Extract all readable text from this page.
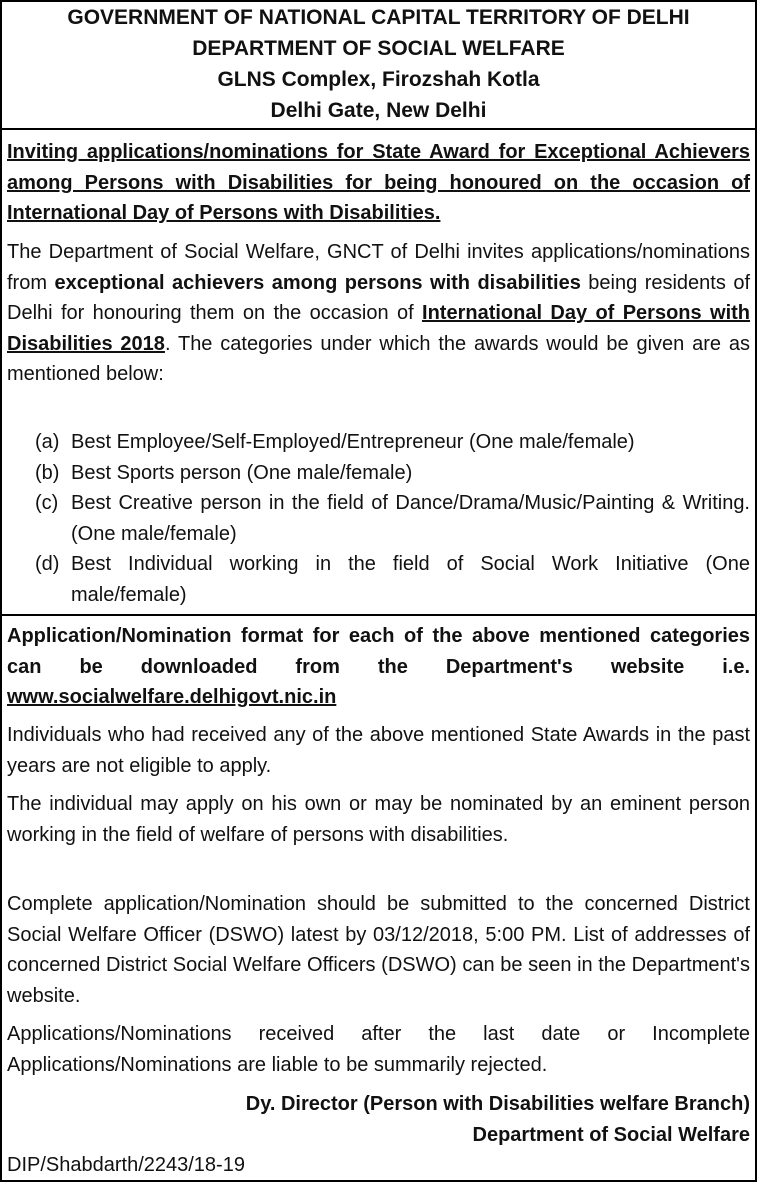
GOVERNMENT OF NATIONAL CAPITAL TERRITORY OF DELHI
DEPARTMENT OF SOCIAL WELFARE
GLNS Complex, Firozshah Kotla
Delhi Gate, New Delhi
Inviting applications/nominations for State Award for Exceptional Achievers among Persons with Disabilities for being honoured on the occasion of International Day of Persons with Disabilities.
The Department of Social Welfare, GNCT of Delhi invites applications/nominations from exceptional achievers among persons with disabilities being residents of Delhi for honouring them on the occasion of International Day of Persons with Disabilities 2018. The categories under which the awards would be given are as mentioned below:
(a) Best Employee/Self-Employed/Entrepreneur (One male/female)
(b) Best Sports person (One male/female)
(c) Best Creative person in the field of Dance/Drama/Music/Painting & Writing. (One male/female)
(d) Best Individual working in the field of Social Work Initiative (One male/female)
Application/Nomination format for each of the above mentioned categories can be downloaded from the Department's website i.e. www.socialwelfare.delhigovt.nic.in
Individuals who had received any of the above mentioned State Awards in the past years are not eligible to apply.
The individual may apply on his own or may be nominated by an eminent person working in the field of welfare of persons with disabilities.
Complete application/Nomination should be submitted to the concerned District Social Welfare Officer (DSWO) latest by 03/12/2018, 5:00 PM. List of addresses of concerned District Social Welfare Officers (DSWO) can be seen in the Department's website.
Applications/Nominations received after the last date or Incomplete Applications/Nominations are liable to be summarily rejected.
Dy. Director (Person with Disabilities welfare Branch)
Department of Social Welfare
DIP/Shabdarth/2243/18-19
